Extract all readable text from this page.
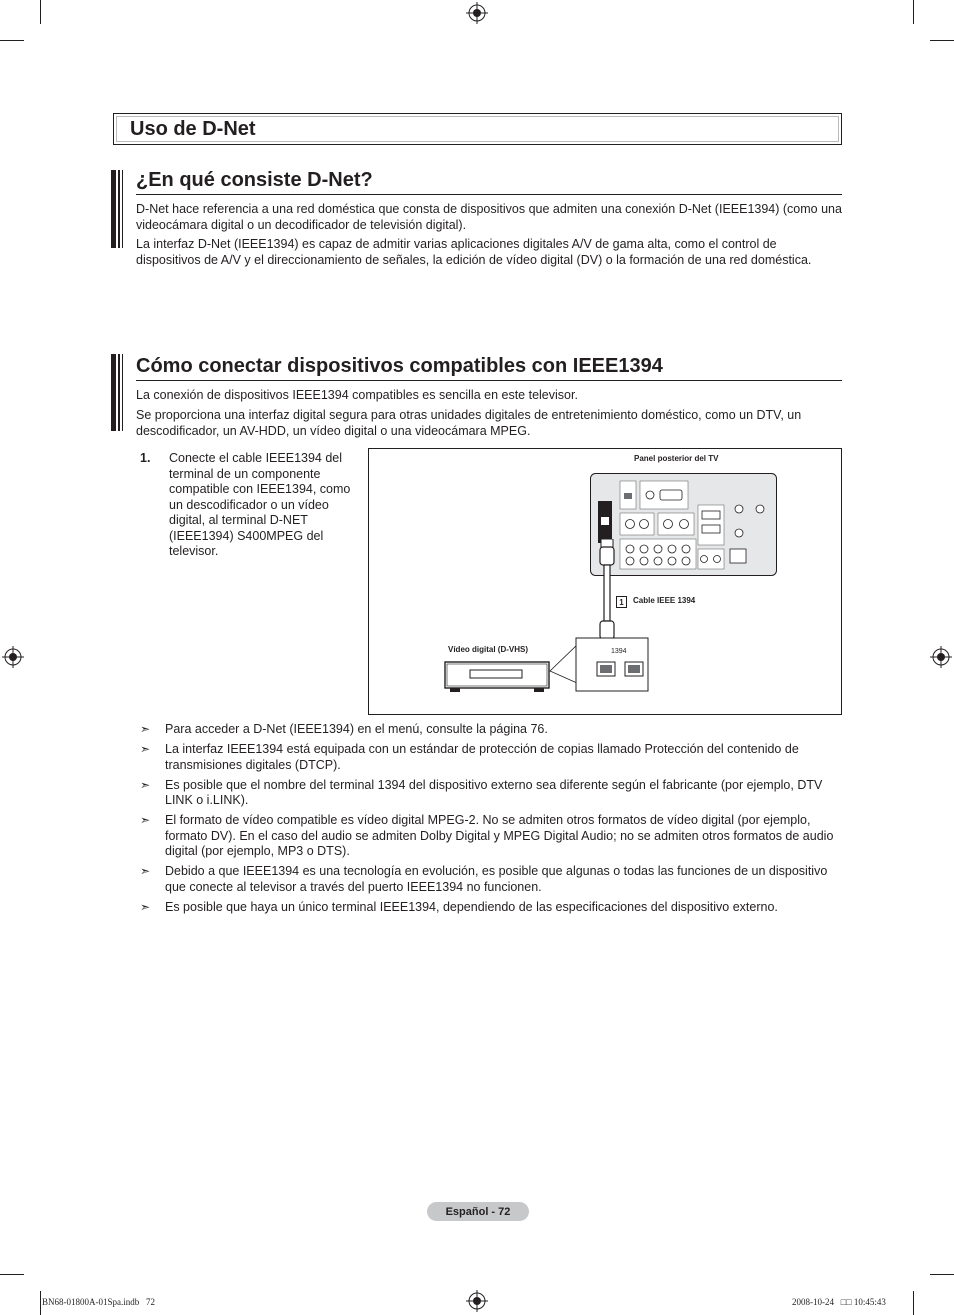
Uso de D-Net
¿En qué consiste D-Net?

D-Net hace referencia a una red doméstica que consta de dispositivos que admiten una conexión D-Net (IEEE1394) (como una videocámara digital o un decodificador de televisión digital).

La interfaz D-Net (IEEE1394) es capaz de admitir varias aplicaciones digitales A/V de gama alta, como el control de dispositivos de A/V y el direccionamiento de señales, la edición de vídeo digital (DV) o la formación de una red doméstica.

Cómo conectar dispositivos compatibles con IEEE1394

La conexión de dispositivos IEEE1394 compatibles es sencilla en este televisor.

Se proporciona una interfaz digital segura para otras unidades digitales de entretenimiento doméstico, como un DTV, un descodificador, un AV-HDD, un vídeo digital o una videocámara MPEG.

1. Conecte el cable IEEE1394 del terminal de un componente compatible con IEEE1394, como un descodificador o un vídeo digital, al terminal D-NET (IEEE1394) S400MPEG del televisor.

Panel posterior del TV
1	Cable IEEE 1394
Vídeo digital (D-VHS)	1394
➣ Para acceder a D-Net (IEEE1394) en el menú, consulte la página 76.
➣ La interfaz IEEE1394 está equipada con un estándar de protección de copias llamado Protección del contenido de transmisiones digitales (DTCP).
➣ Es posible que el nombre del terminal 1394 del dispositivo externo sea diferente según el fabricante (por ejemplo, DTV LINK o i.LINK).
➣ El formato de vídeo compatible es vídeo digital MPEG-2. No se admiten otros formatos de vídeo digital (por ejemplo, formato DV). En el caso del audio se admiten Dolby Digital y MPEG Digital Audio; no se admiten otros formatos de audio digital (por ejemplo, MP3 o DTS).
➣ Debido a que IEEE1394 es una tecnología en evolución, es posible que algunas o todas las funciones de un dispositivo que conecte al televisor a través del puerto IEEE1394 no funcionen.
➣ Es posible que haya un único terminal IEEE1394, dependiendo de las especificaciones del dispositivo externo.
Español - 72
BN68-01800A-01Spa.indb   72	2008-10-24   □□ 10:45:43
